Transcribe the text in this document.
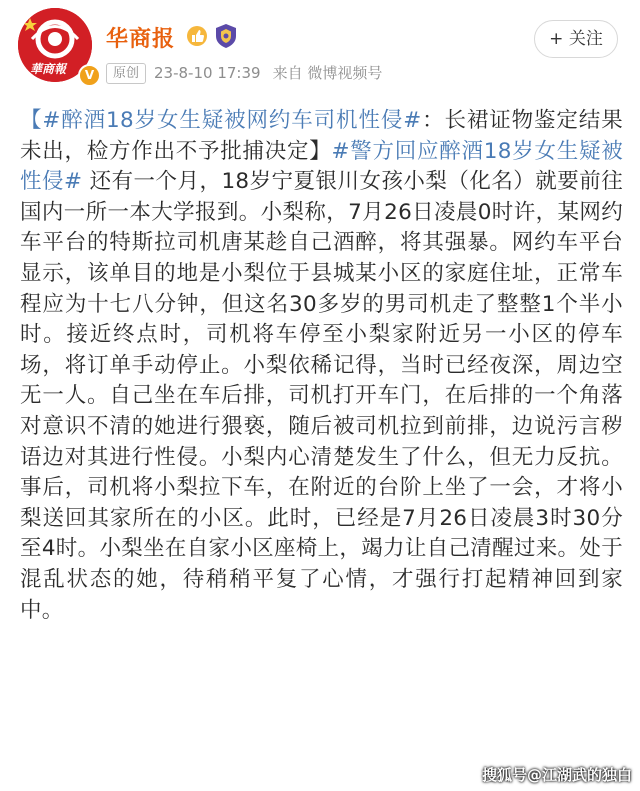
華商報	V
华商报
原创 23-8-10 17:39 来自 微博视频号
+ 关注
【#醉酒18岁女生疑被网约车司机性侵#：长裙证物鉴定结果未出，检方作出不予批捕决定】#警方回应醉酒18岁女生疑被性侵# 还有一个月，18岁宁夏银川女孩小梨（化名）就要前往国内一所一本大学报到。小梨称，7月26日凌晨0时许，某网约车平台的特斯拉司机唐某趁自己酒醉，将其强暴。网约车平台显示，该单目的地是小梨位于县城某小区的家庭住址，正常车程应为十七八分钟，但这名30多岁的男司机走了整整1个半小时。接近终点时，司机将车停至小梨家附近另一小区的停车场，将订单手动停止。小梨依稀记得，当时已经夜深，周边空无一人。自己坐在车后排，司机打开车门，在后排的一个角落对意识不清的她进行猥亵，随后被司机拉到前排，边说污言秽语边对其进行性侵。小梨内心清楚发生了什么，但无力反抗。事后，司机将小梨拉下车，在附近的台阶上坐了一会，才将小梨送回其家所在的小区。此时，已经是7月26日凌晨3时30分至4时。小梨坐在自家小区座椅上，竭力让自己清醒过来。处于混乱状态的她，待稍稍平复了心情，才强行打起精神回到家中。
搜狐号@江湖武的独白
